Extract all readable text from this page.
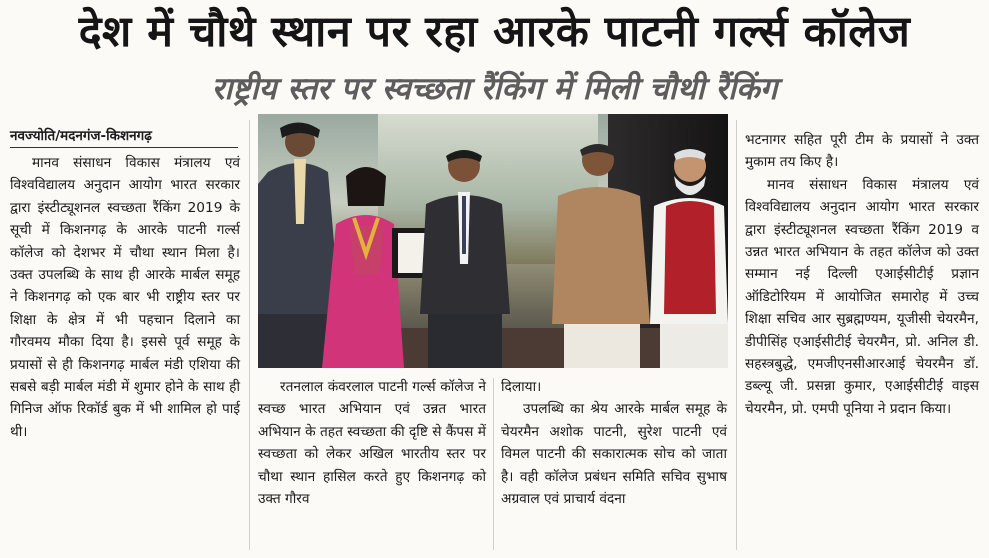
देश में चौथे स्थान पर रहा आरके पाटनी गर्ल्स कॉलेज
राष्ट्रीय स्तर पर स्वच्छता रैंकिंग में मिली चौथी रैंकिंग
नवज्योति/मदनगंज-किशनगढ़

मानव संसाधन विकास मंत्रालय एवं विश्वविद्यालय अनुदान आयोग भारत सरकार द्वारा इंस्टीट्यूशनल स्वच्छता रैंकिंग 2019 के सूची में किशनगढ़ के आरके पाटनी गर्ल्स कॉलेज को देशभर में चौथा स्थान मिला है। उक्त उपलब्धि के साथ ही आरके मार्बल समूह ने किशनगढ़ को एक बार भी राष्ट्रीय स्तर पर शिक्षा के क्षेत्र में भी पहचान दिलाने का गौरवमय मौका दिया है। इससे पूर्व समूह के प्रयासों से ही किशनगढ़ मार्बल मंडी एशिया की सबसे बड़ी मार्बल मंडी में शुमार होने के साथ ही गिनिज ऑफ रिकॉर्ड बुक में भी शामिल हो पाई थी।

रतनलाल कंवरलाल पाटनी गर्ल्स कॉलेज ने स्वच्छ भारत अभियान एवं उन्नत भारत अभियान के तहत स्वच्छता की दृष्टि से कैंपस में स्वच्छता को लेकर अखिल भारतीय स्तर पर चौथा स्थान हासिल करते हुए किशनगढ़ को उक्त गौरव

दिलाया।

उपलब्धि का श्रेय आरके मार्बल समूह के चेयरमैन अशोक पाटनी, सुरेश पाटनी एवं विमल पाटनी की सकारात्मक सोच को जाता है। वही कॉलेज प्रबंधन समिति सचिव सुभाष अग्रवाल एवं प्राचार्य वंदना

भटनागर सहित पूरी टीम के प्रयासों ने उक्त मुकाम तय किए है।

मानव संसाधन विकास मंत्रालय एवं विश्वविद्यालय अनुदान आयोग भारत सरकार द्वारा इंस्टीट्यूशनल स्वच्छता रैंकिंग 2019 व उन्नत भारत अभियान के तहत कॉलेज को उक्त सम्मान नई दिल्ली एआईसीटीई प्रज्ञान ऑडिटोरियम में आयोजित समारोह में उच्च शिक्षा सचिव आर सुब्रह्मण्यम, यूजीसी चेयरमैन, डीपीसिंह एआईसीटीई चेयरमैन, प्रो. अनिल डी. सहस्त्रबुद्धे, एमजीएनसीआरआई चेयरमैन डॉ. डब्ल्यू जी. प्रसन्ना कुमार, एआईसीटीई वाइस चेयरमैन, प्रो. एमपी पूनिया ने प्रदान किया।
